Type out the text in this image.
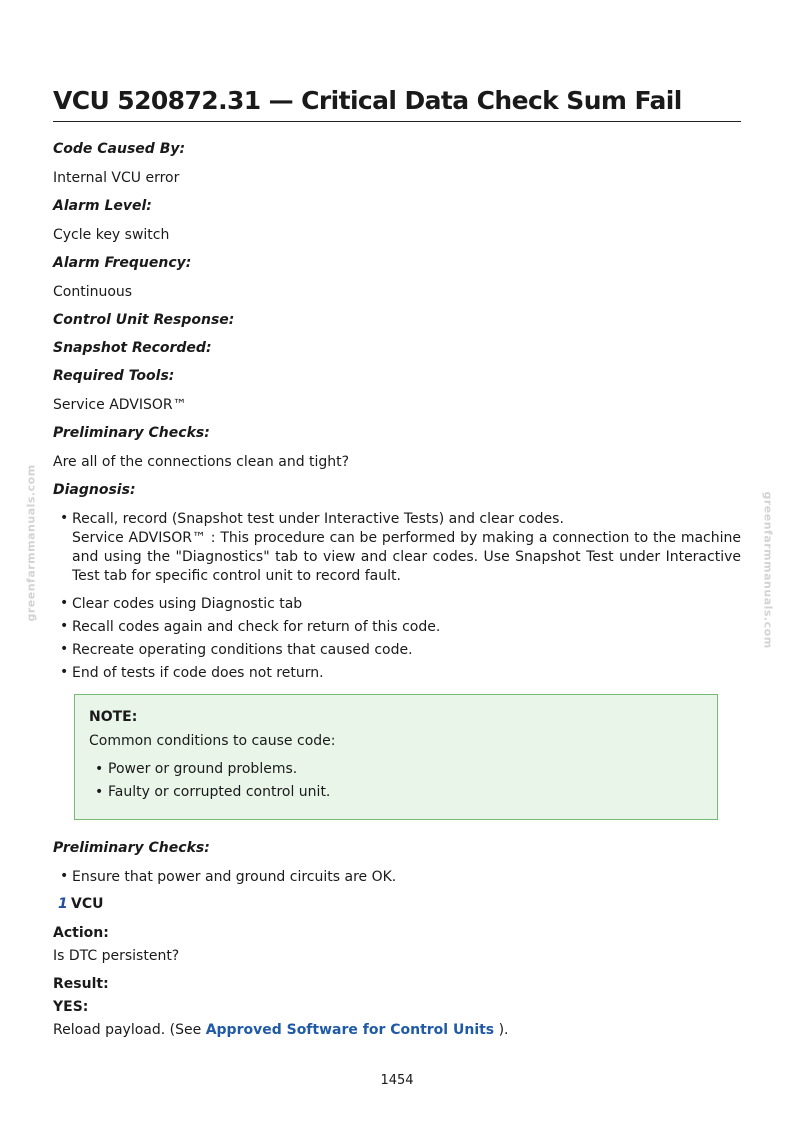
VCU 520872.31 — Critical Data Check Sum Fail
Code Caused By:
Internal VCU error
Alarm Level:
Cycle key switch
Alarm Frequency:
Continuous
Control Unit Response:
Snapshot Recorded:
Required Tools:
Service ADVISOR™
Preliminary Checks:
Are all of the connections clean and tight?
Diagnosis:
• Recall, record (Snapshot test under Interactive Tests) and clear codes.
Service ADVISOR™ : This procedure can be performed by making a connection to the machine and using the "Diagnostics" tab to view and clear codes. Use Snapshot Test under Interactive Test tab for specific control unit to record fault.
• Clear codes using Diagnostic tab
• Recall codes again and check for return of this code.
• Recreate operating conditions that caused code.
• End of tests if code does not return.
NOTE:
Common conditions to cause code:
• Power or ground problems.
• Faulty or corrupted control unit.
Preliminary Checks:
• Ensure that power and ground circuits are OK.
1 VCU
Action:
Is DTC persistent?
Result:
YES:
Reload payload. (See Approved Software for Control Units ).
greenfarmmanuals.com	greenfarmmanuals.com
1454
